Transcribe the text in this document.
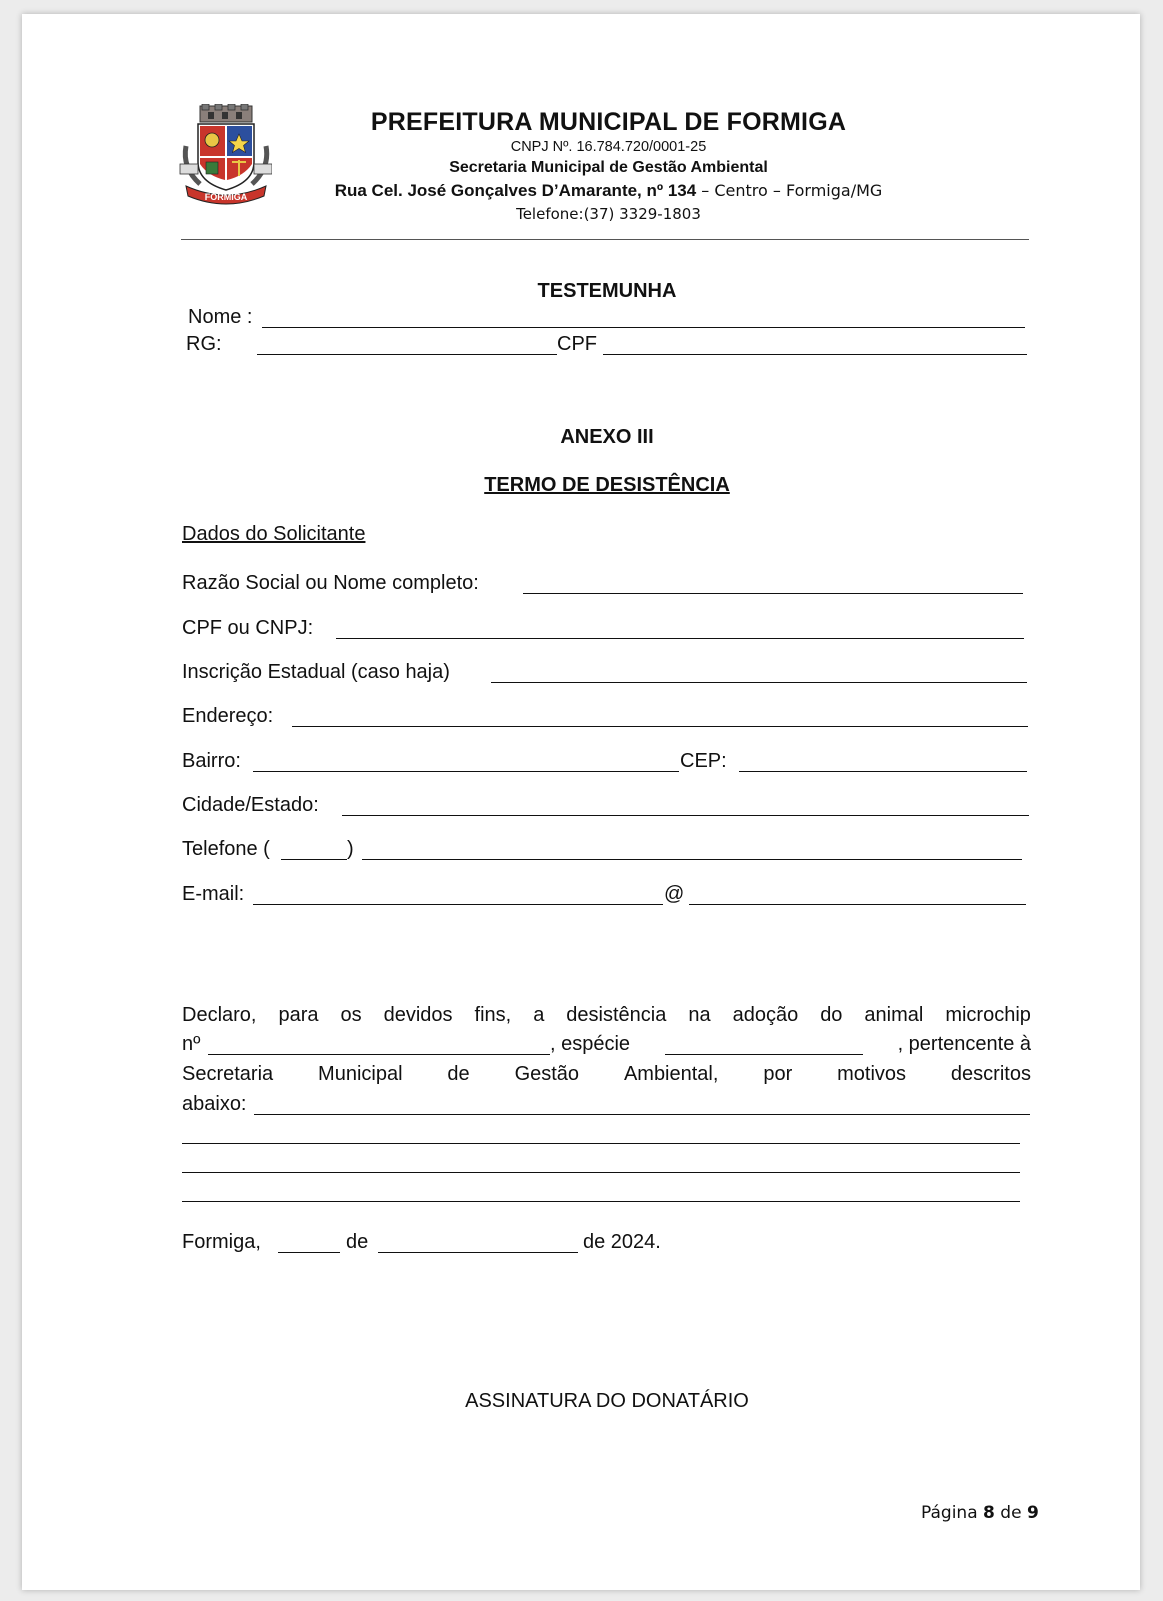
FORMIGA
PREFEITURA MUNICIPAL DE FORMIGA
CNPJ Nº. 16.784.720/0001-25
Secretaria Municipal de Gestão Ambiental
Rua Cel. José Gonçalves D’Amarante, nº 134 – Centro – Formiga/MG
Telefone:(37) 3329-1803
TESTEMUNHA
Nome :
RG:	CPF
ANEXO III
TERMO DE DESISTÊNCIA
Dados do Solicitante
Razão Social ou Nome completo:
CPF ou CNPJ:
Inscrição Estadual (caso haja)
Endereço:
Bairro:	CEP:
Cidade/Estado:
Telefone (	)
E-mail:	@
Declaro, para os devidos fins, a desistência na adoção do animal microchip
nº	, espécie	, pertencente à
Secretaria Municipal de Gestão Ambiental, por motivos descritos
abaixo:
Formiga,	de	de 2024.
ASSINATURA DO DONATÁRIO
Página 8 de 9
